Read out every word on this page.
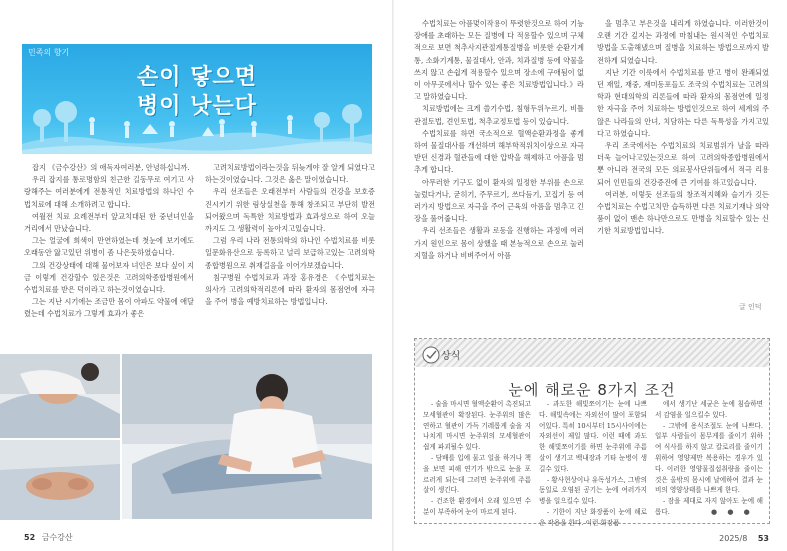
민족의 향기
손이 닿으면
병이 낫는다

잡지 《금수강산》의 애독자여러분, 안녕하십니까.

우리 잡지를 통로명함의 친근한 길동무로 여기고 사랑해주는 여러분에게 전통적인 치료방법의 하나인 수법치료에 대해 소개하려고 합니다.

여월전 치료 요례전부터 앞교치대된 한 중년녀인을 거리에서 만났습니다.

그는 얼굴에 희색이 만연하였는데 첫눈에 보기에도 오래동안 앓고있던 위병이 좀 나은듯하였습니다.

그의 건강상태에 대해 물어보자 녀인은 보다 싶이 지금 이렇게 건강할수 있은것은 고려의학종합병원에서 수법치료를 받은 덕이라고 하는것이였습니다.

그는 지난 시기에는 조금만 몸이 아파도 약물에 애달렸는데 수법치료가 그렇게 효과가 좋은

고려치료방법이라는것을 뒤늦게야 잘 알게 되였다고 하는것이였습니다. 그것은 옳은 말이였습니다.

우리 선조들은 오래전부터 사람들의 건강을 보호증진시키기 위한 림상실천을 통해 창조되고 부단히 발전되어왔으며 독특한 치료방법과 효과성으로 하여 오늘까지도 그 생활력이 높아지고있습니다.

그럼 우리 나라 전통의학의 하나인 수법치료를 비롯일문화유산으로 등록하고 널리 보급하고있는 고려의학종합병원으로 취재걸음을 이어가보겠습니다.

침구병원 수법치료과 과장 홍유경은 《수법치료는 의사가 고려의학적리론에 따라 환자의 몸점연에 자극을 주어 병을 예방치료하는 방법입니다.

52 금수강산

수법치료는 아픔멎이작용이 뚜렷한것으로 하여 기능장애를 초래하는 모든 질병에 다 적용할수 있으며 구체적으로 보면 척추사지관절계통질병을 비롯한 순환기계통, 소화기계통, 물질대사, 안과, 치과질병 등에 약물을 쓰지 않고 손쉽게 적용할수 있으며 장소에 구애됨이 없이 아무곳에서나 할수 있는 좋은 치료방법입니다.》라고 말하였습니다.

치료방법에는 크게 쓸기수법, 침형두위누르기, 비틀관절토법, 견인토법, 척추교정토법 등이 있습니다.

수법치료를 하면 국소적으로 혈액순환과정을 좋게 하여 물질대사를 개선하며 해부학적위치이상으로 자극받던 신경과 혈관들에 대한 압박을 해제하고 아픔을 멈추게 합니다.

아무러한 기구도 없이 환자의 일정한 부위를 손으로 눌렀다거나, 굳히기, 주무르기, 쓰다듬기, 꼬집기 등 여러가지 방법으로 자극을 주어 근육의 아픔을 멈추고 긴장을 풀어줍니다.

우리 선조들은 생활과 로동을 진행하는 과정에 여러가지 원인으로 몸이 상했을 때 본능적으로 손으로 눌러 지혈을 하거나 비벼주어서 아픔

을 멈추고 부은것을 내리게 하였습니다. 이러한것이 오랜 기간 깊지는 과정에 마침내는 원시적인 수법치료방법을 도출해냈으며 질병을 치료하는 방법으로까지 발전하게 되였습니다.

지난 기간 이룩에서 수법치료를 받고 병이 완쾌되였던 재일, 재중, 재미동포들도 조국의 수법치료는 고려의학과 현대의학의 리론들에 따라 환자의 몸점연에 일정한 자극을 주어 치료하는 방법인것으로 하여 세계의 주않은 나라들의 안녀, 치담하는 다른 독특성을 가지고있다고 하였습니다.

우리 조국에서는 수법치료의 치료범위가 날을 따라 더욱 늘어나고있는것으로 하여 고려의학종합병원에서뿐 아니라 전국의 모든 의료봉사단위들에서 적극 리용되어 인민들의 건강증진에 큰 기여를 하고있습니다.

여러분, 이렇듯 선조들의 창조적지혜와 슬기가 깃든 수법치료는 수법고치만 습득하면 다른 치료기재나 의약품이 없이 맨손 하나만으로도 만병을 치료할수 있는 신기한 치료방법입니다.

글 인덕
상식
눈에 해로운 8가지 조건

- 술을 마시면 혈액순환이 촉진되고 모세혈관이 확장된다. 눈주위의 많은 연하고 혈관이 가득 기레롭게 술을 지나치게 마시면 눈주위의 모세혈관이 쉽게 파괴될수 있다.

- 담배를 입에 물고 일을 하거나 책을 보면 피해 연기가 밖으로 눈을 포르러게 되는데 그러면 눈주위에 주름살이 생긴다.

- 건조한 환경에서 오래 있으면 수분이 부족하여 눈이 마르게 된다.

- 과도한 해빛쪼이기는 눈에 나쁘다. 해빛속에는 자외선이 많이 포함되어있다. 특히 10시부터 15시사이에는 자외선이 제일 많다. 이런 때에 과도한 해빛쪼이기를 하면 눈주위에 주름살이 생기고 백내장과 기타 눈병이 생길수 있다.

- 황사현상이나 유독성가스, 그밖의 동일로 오염된 공기는 눈에 여러가지 병을 일으킬수 있다.

- 기한이 지난 화장품이 눈에 해로운 작용을 한다. 이런 화장품

에서 생기난 세균은 눈에 침습하면서 감염을 일으킬수 있다.

- 그밖에 용식조절도 눈에 나쁘다. 일부 사람들이 몸무게를 줄이기 위하여 식사를 하지 않고 칼로리를 줄이기 위하여 영양제만 복용하는 경우가 있다. 이러한 영양물질섭취량을 줄이는것은 올밖의 몸시에 날에하여 결과 눈비의 영양상태를 나쁘게 한다.

- 잠을 제대로 자지 않아도 눈에 해롭다.	● ● ●
2025/8 53
